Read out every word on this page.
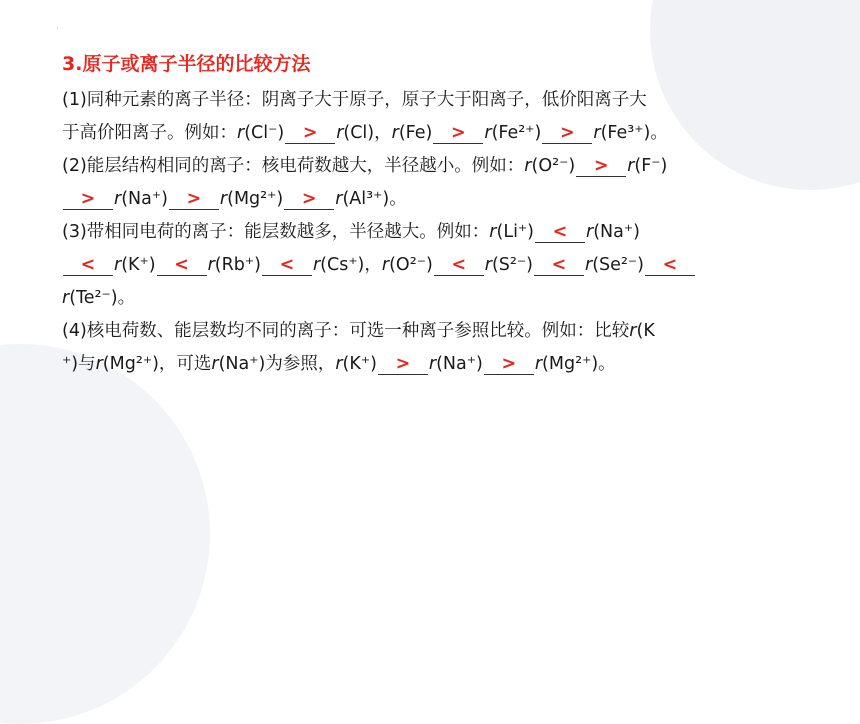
·
3.原子或离子半径的比较方法
(1)同种元素的离子半径：阴离子大于原子，原子大于阳离子，低价阳离子大
于高价阳离子。例如：r(Cl⁻) > r(Cl)，r(Fe) > r(Fe²⁺) > r(Fe³⁺)。
(2)能层结构相同的离子：核电荷数越大，半径越小。例如：r(O²⁻) > r(F⁻)
> r(Na⁺) > r(Mg²⁺) > r(Al³⁺)。
(3)带相同电荷的离子：能层数越多，半径越大。例如：r(Li⁺) < r(Na⁺)
< r(K⁺) < r(Rb⁺) < r(Cs⁺)，r(O²⁻) < r(S²⁻) < r(Se²⁻) <
r(Te²⁻)。
(4)核电荷数、能层数均不同的离子：可选一种离子参照比较。例如：比较r(K
⁺)与r(Mg²⁺)，可选r(Na⁺)为参照，r(K⁺) > r(Na⁺) > r(Mg²⁺)。
